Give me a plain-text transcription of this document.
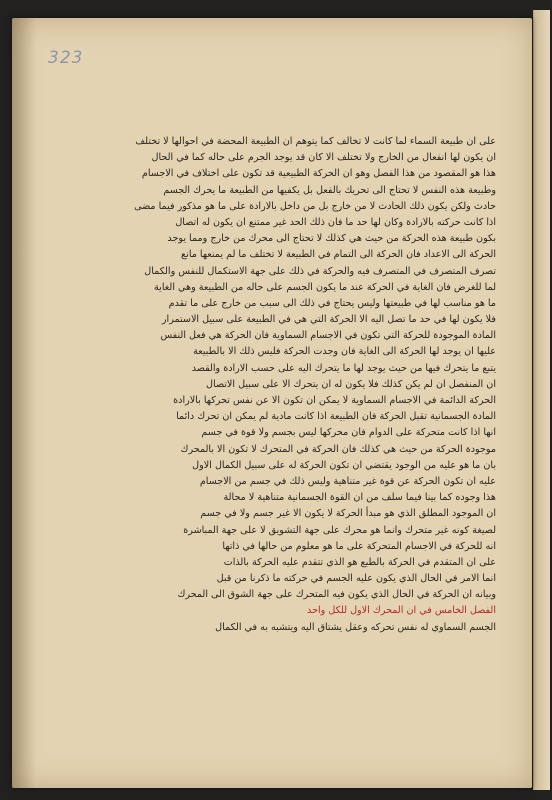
323
على ان طبيعة السماء لما كانت لا تخالف كما يتوهم ان الطبيعة المحضة في احوالها لا تختلف
ان يكون لها انفعال من الخارج ولا تختلف الا كان قد يوجد الجرم على حاله كما في الحال
هذا هو المقصود من هذا الفصل وهو ان الحركة الطبيعية قد تكون على اختلاف في الاجسام
وطبيعة هذه النفس لا تحتاج الى تحريك بالفعل بل يكفيها من الطبيعة ما يحرك الجسم
حادث ولكن يكون ذلك الحادث لا من خارج بل من داخل بالارادة على ما هو مذكور فيما مضى
اذا كانت حركته بالارادة وكان لها حد ما فان ذلك الحد غير ممتنع ان يكون له اتصال
بكون طبيعة هذه الحركة من حيث هي كذلك لا تحتاج الى محرك من خارج ومما يوجد
الحركة الى الاعداد فان الحركة الى التمام في الطبيعة لا تختلف ما لم يمنعها مانع
تصرف المتصرف في المتصرف فيه والحركة في ذلك على جهة الاستكمال للنفس والكمال
لما للغرض فان الغاية في الحركة عند ما يكون الجسم على حاله من الطبيعة وهي الغاية
ما هو مناسب لها في طبيعتها وليس يحتاج في ذلك الى سبب من خارج على ما تقدم
فلا يكون لها في حد ما تصل اليه الا الحركة التي هي في الطبيعة على سبيل الاستمرار
المادة الموجودة للحركة التي تكون في الاجسام السماوية فان الحركة هي فعل النفس
عليها ان يوجد لها الحركة الى الغاية فان وجدت الحركة فليس ذلك الا بالطبيعة
يتبع ما يتحرك فيها من حيث يوجد لها ما يتحرك اليه على حسب الارادة والقصد
ان المنفصل ان لم يكن كذلك فلا يكون له ان يتحرك الا على سبيل الاتصال
الحركة الدائمة في الاجسام السماوية لا يمكن ان تكون الا عن نفس تحركها بالارادة
المادة الجسمانية تقبل الحركة فان الطبيعة اذا كانت مادية لم يمكن ان تحرك دائما
انها اذا كانت متحركة على الدوام فان محركها ليس بجسم ولا قوة في جسم
موجودة الحركة من حيث هي كذلك فان الحركة في المتحرك لا تكون الا بالمحرك
بان ما هو عليه من الوجود يقتضي ان تكون الحركة له على سبيل الكمال الاول
عليه ان تكون الحركة عن قوة غير متناهية وليس ذلك في جسم من الاجسام
هذا وجوده كما بينا فيما سلف من ان القوة الجسمانية متناهية لا محالة
ان الموجود المطلق الذي هو مبدأ الحركة لا يكون الا غير جسم ولا في جسم
لصيغة كونه غير متحرك وانما هو محرك على جهة التشويق لا على جهة المباشرة
انه للحركة في الاجسام المتحركة على ما هو معلوم من حالها في ذاتها
على ان المتقدم في الحركة بالطبع هو الذي تتقدم عليه الحركة بالذات
انما الامر في الحال الذي يكون عليه الجسم في حركته ما ذكرنا من قبل
وبيانه ان الحركة في الحال الذي يكون فيه المتحرك على جهة الشوق الى المحرك
الفصل الخامس في ان المحرك الاول للكل واحد
الجسم السماوي له نفس تحركه وعقل يشتاق اليه ويتشبه به في الكمال
